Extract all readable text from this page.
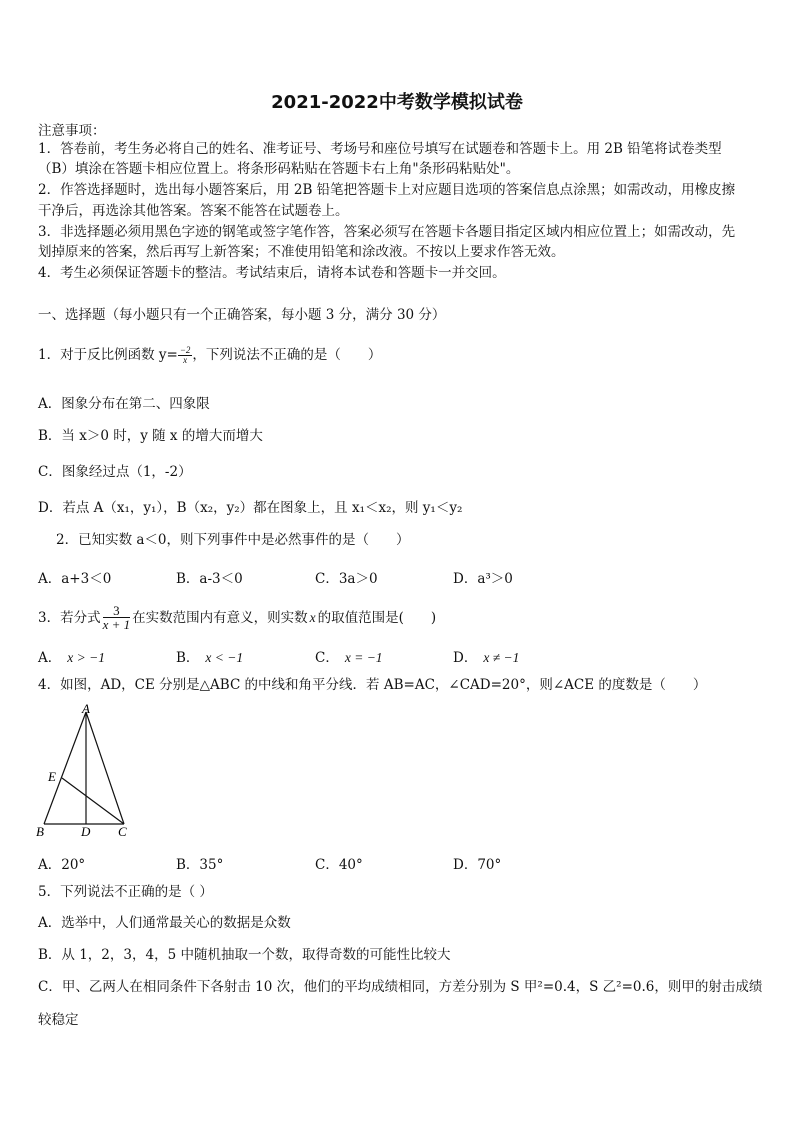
2021-2022中考数学模拟试卷
注意事项：
1．答卷前，考生务必将自己的姓名、准考证号、考场号和座位号填写在试题卷和答题卡上。用 2B 铅笔将试卷类型
（B）填涂在答题卡相应位置上。将条形码粘贴在答题卡右上角"条形码粘贴处"。
2．作答选择题时，选出每小题答案后，用 2B 铅笔把答题卡上对应题目选项的答案信息点涂黑；如需改动，用橡皮擦
干净后，再选涂其他答案。答案不能答在试题卷上。
3．非选择题必须用黑色字迹的钢笔或签字笔作答，答案必须写在答题卡各题目指定区域内相应位置上；如需改动，先
划掉原来的答案，然后再写上新答案；不准使用铅笔和涂改液。不按以上要求作答无效。
4．考生必须保证答题卡的整洁。考试结束后，请将本试卷和答题卡一并交回。
一、选择题（每小题只有一个正确答案，每小题 3 分，满分 30 分）
1．对于反比例函数 $y= \frac{-2}{x}$ ，下列说法不正确的是（　　）
A．图象分布在第二、四象限
B．当 x＞0 时，y 随 x 的增大而增大
C．图象经过点（1，-2）
D．若点 A（x₁，y₁），B（x₂，y₂）都在图象上，且 x₁＜x₂，则 y₁＜y₂
2．已知实数 a＜0，则下列事件中是必然事件的是（　　）
A．a+3＜0	B．a-3＜0	C．3a＞0	D．a³＞0
3．若分式 $\frac{3}{x + 1}$ 在实数范围内有意义，则实数 x 的取值范围是(　　)
A． x > −1	B． x < −1	C． x = −1	D． x ≠ −1
4．如图，AD，CE 分别是△ABC 的中线和角平分线．若 AB=AC，∠CAD=20°，则∠ACE 的度数是（　　）
A
E
B	D C
A．20°	B．35°	C．40°	D．70°
5．下列说法不正确的是（ ）
A．选举中，人们通常最关心的数据是众数
B．从 1，2，3，4，5 中随机抽取一个数，取得奇数的可能性比较大
C．甲、乙两人在相同条件下各射击 10 次，他们的平均成绩相同，方差分别为 S 甲²=0.4，S 乙²=0.6，则甲的射击成绩
较稳定
